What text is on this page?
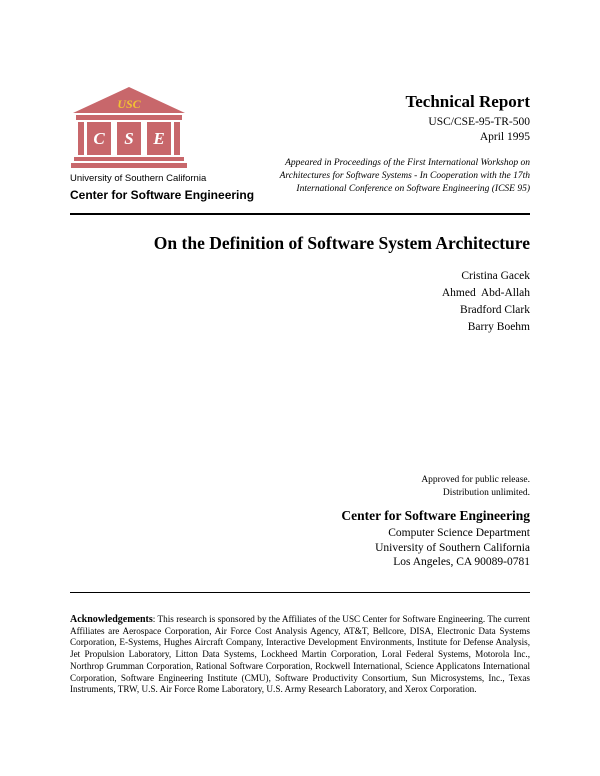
USC
C S E
University of Southern California
Center for Software Engineering
Technical Report
USC/CSE-95-TR-500
April 1995
Appeared in Proceedings of the First International Workshop on
Architectures for Software Systems - In Cooperation with the 17th
International Conference on Software Engineering (ICSE 95)
On the Definition of Software System Architecture
Cristina Gacek
Ahmed  Abd-Allah
Bradford Clark
Barry Boehm
Approved for public release.
Distribution unlimited.
Center for Software Engineering
Computer Science Department
University of Southern California
Los Angeles, CA 90089-0781
Acknowledgements: This research is sponsored by the Affiliates of the USC Center for Software Engineering. The current Affiliates are Aerospace Corporation, Air Force Cost Analysis Agency, AT&T, Bellcore, DISA, Electronic Data Systems Corporation, E-Systems, Hughes Aircraft Company, Interactive Development Environments, Institute for Defense Analysis, Jet Propulsion Laboratory, Litton Data Systems, Lockheed Martin Corporation, Loral Federal Systems, Motorola Inc., Northrop Grumman Corporation, Rational Software Corporation, Rockwell International, Science Applicatons International Corporation, Software Engineering Institute (CMU), Software Productivity Consortium, Sun Microsystems, Inc., Texas Instruments, TRW, U.S. Air Force Rome Laboratory, U.S. Army Research Laboratory, and Xerox Corporation.
